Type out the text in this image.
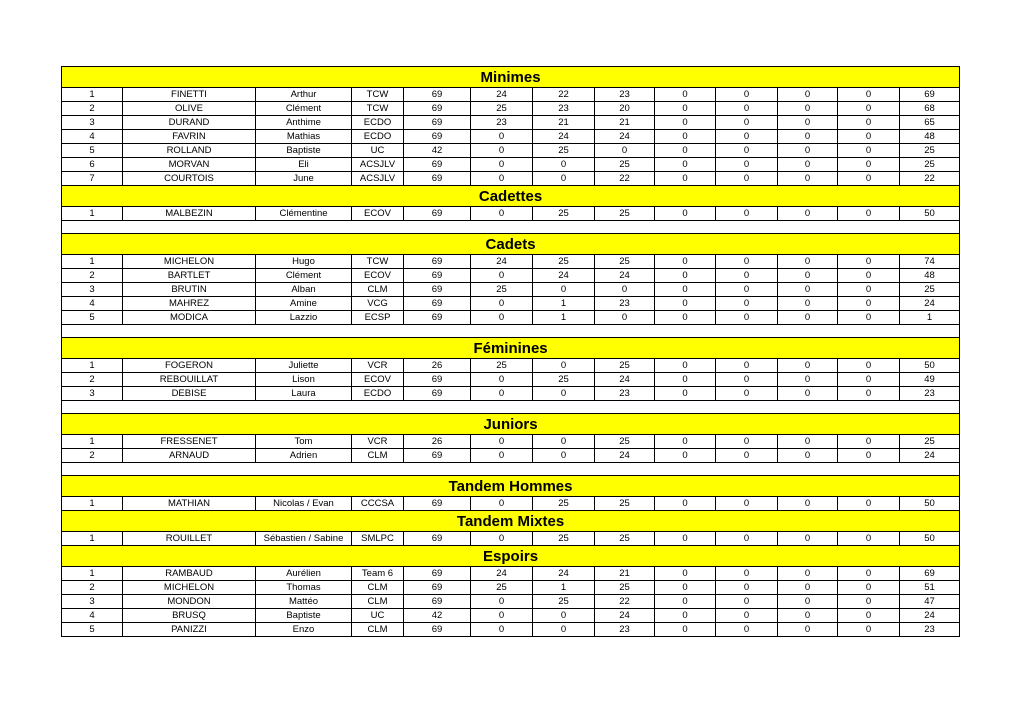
Minimes												
1	FINETTI	Arthur	TCW	69	24	22	23	0	0	0	0	69
2	OLIVE	Clément	TCW	69	25	23	20	0	0	0	0	68
3	DURAND	Anthime	ECDO	69	23	21	21	0	0	0	0	65
4	FAVRIN	Mathias	ECDO	69	0	24	24	0	0	0	0	48
5	ROLLAND	Baptiste	UC	42	0	25	0	0	0	0	0	25
6	MORVAN	Eli	ACSJLV	69	0	0	25	0	0	0	0	25
7	COURTOIS	June	ACSJLV	69	0	0	22	0	0	0	0	22
Cadettes												
1	MALBEZIN	Clémentine	ECOV	69	0	25	25	0	0	0	0	50

Cadets												
1	MICHELON	Hugo	TCW	69	24	25	25	0	0	0	0	74
2	BARTLET	Clément	ECOV	69	0	24	24	0	0	0	0	48
3	BRUTIN	Alban	CLM	69	25	0	0	0	0	0	0	25
4	MAHREZ	Amine	VCG	69	0	1	23	0	0	0	0	24
5	MODICA	Lazzio	ECSP	69	0	1	0	0	0	0	0	1

Féminines												
1	FOGERON	Juliette	VCR	26	25	0	25	0	0	0	0	50
2	REBOUILLAT	Lison	ECOV	69	0	25	24	0	0	0	0	49
3	DEBISE	Laura	ECDO	69	0	0	23	0	0	0	0	23

Juniors												
1	FRESSENET	Tom	VCR	26	0	0	25	0	0	0	0	25
2	ARNAUD	Adrien	CLM	69	0	0	24	0	0	0	0	24

Tandem Hommes												
1	MATHIAN	Nicolas / Evan	CCCSA	69	0	25	25	0	0	0	0	50
Tandem Mixtes												
1	ROUILLET	Sébastien / Sabine	SMLPC	69	0	25	25	0	0	0	0	50
Espoirs												
1	RAMBAUD	Aurélien	Team 6	69	24	24	21	0	0	0	0	69
2	MICHELON	Thomas	CLM	69	25	1	25	0	0	0	0	51
3	MONDON	Mattéo	CLM	69	0	25	22	0	0	0	0	47
4	BRUSQ	Baptiste	UC	42	0	0	24	0	0	0	0	24
5	PANIZZI	Enzo	CLM	69	0	0	23	0	0	0	0	23
